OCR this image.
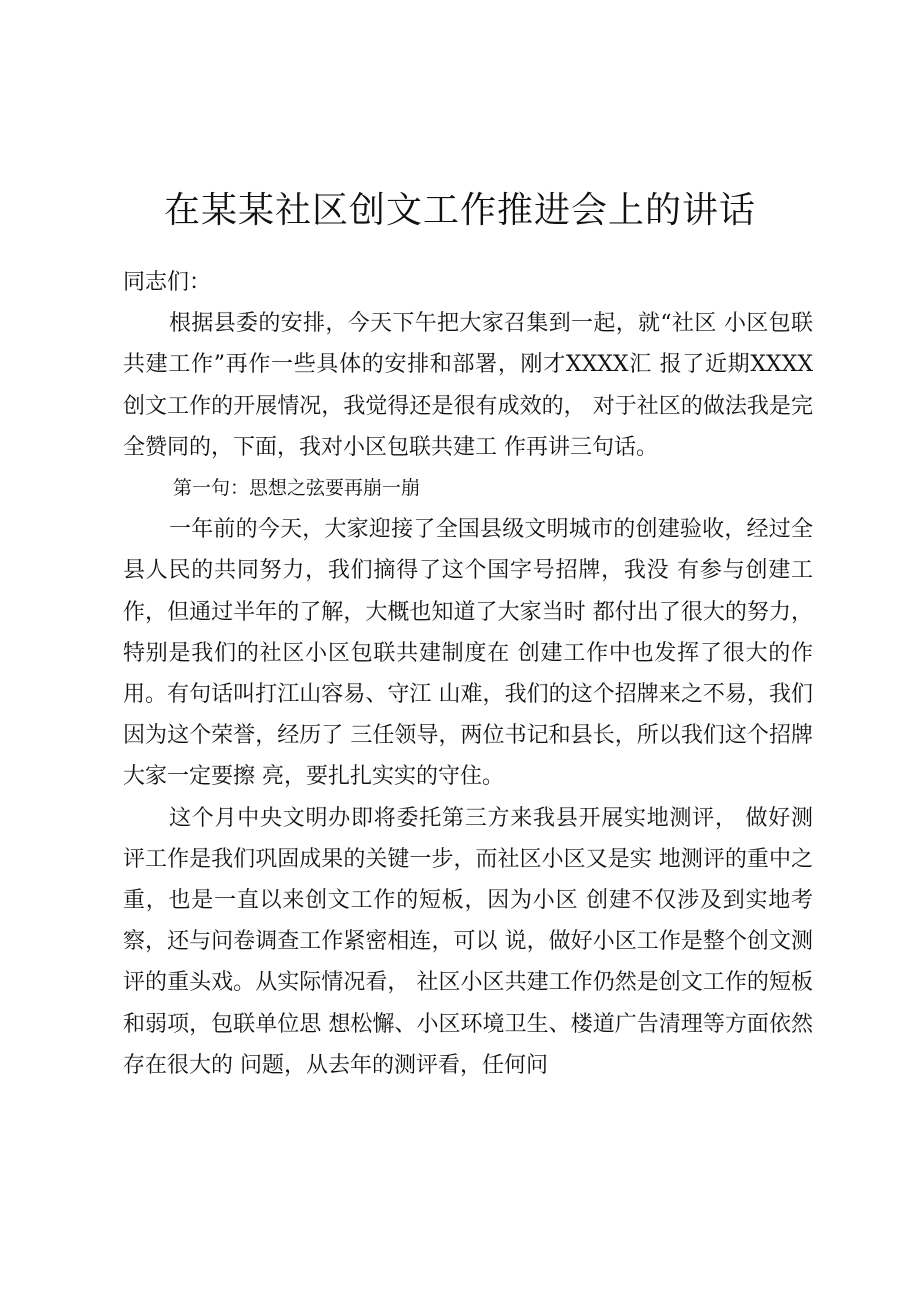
在某某社区创文工作推进会上的讲话

同志们：

根据县委的安排，今天下午把大家召集到一起，就“社区 小区包联共建工作”再作一些具体的安排和部署，刚才XXXX汇 报了近期XXXX创文工作的开展情况，我觉得还是很有成效的， 对于社区的做法我是完全赞同的，下面，我对小区包联共建工 作再讲三句话。

第一句：思想之弦要再崩一崩

一年前的今天，大家迎接了全国县级文明城市的创建验收，经过全县人民的共同努力，我们摘得了这个国字号招牌，我没 有参与创建工作，但通过半年的了解，大概也知道了大家当时 都付出了很大的努力，特别是我们的社区小区包联共建制度在 创建工作中也发挥了很大的作用。有句话叫打江山容易、守江 山难，我们的这个招牌来之不易，我们因为这个荣誉，经历了 三任领导，两位书记和县长，所以我们这个招牌大家一定要擦 亮，要扎扎实实的守住。

这个月中央文明办即将委托第三方来我县开展实地测评， 做好测评工作是我们巩固成果的关键一步，而社区小区又是实 地测评的重中之重，也是一直以来创文工作的短板，因为小区 创建不仅涉及到实地考察，还与问卷调查工作紧密相连，可以 说，做好小区工作是整个创文测评的重头戏。从实际情况看， 社区小区共建工作仍然是创文工作的短板和弱项，包联单位思 想松懈、小区环境卫生、楼道广告清理等方面依然存在很大的 问题，从去年的测评看，任何问
